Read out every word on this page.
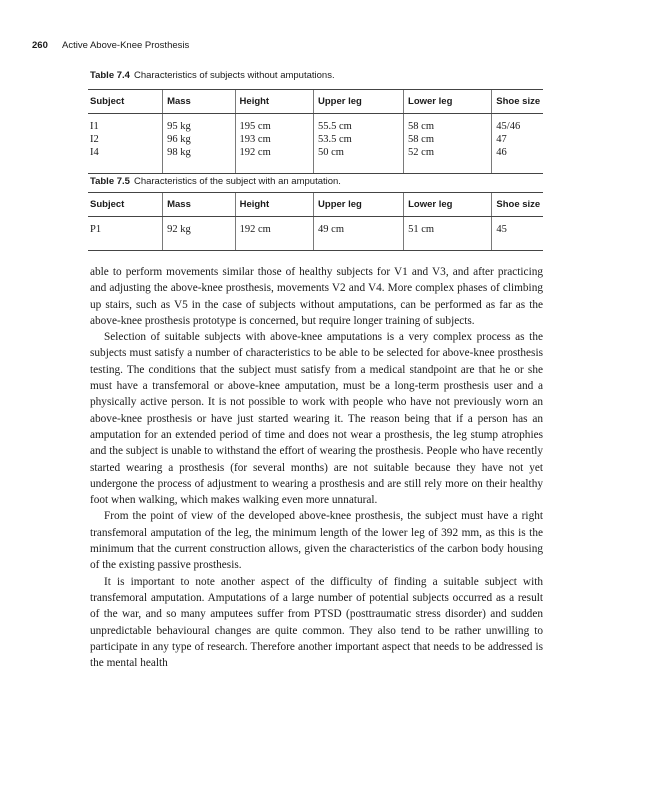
260 Active Above-Knee Prosthesis
Table 7.4 Characteristics of subjects without amputations.
Subject	Mass	Height	Upper leg	Lower leg	Shoe size
I1	95 kg	195 cm	55.5 cm	58 cm	45/46
I2	96 kg	193 cm	53.5 cm	58 cm	47
I4	98 kg	192 cm	50 cm	52 cm	46
Table 7.5 Characteristics of the subject with an amputation.
Subject	Mass	Height	Upper leg	Lower leg	Shoe size
P1	92 kg	192 cm	49 cm	51 cm	45

able to perform movements similar those of healthy subjects for V1 and V3, and after practicing and adjusting the above-knee prosthesis, movements V2 and V4. More complex phases of climbing up stairs, such as V5 in the case of subjects without amputations, can be performed as far as the above-knee prosthesis prototype is concerned, but require longer training of subjects.

Selection of suitable subjects with above-knee amputations is a very complex process as the subjects must satisfy a number of characteristics to be able to be selected for above-knee prosthesis testing. The conditions that the subject must satisfy from a medical standpoint are that he or she must have a transfemoral or above-knee amputation, must be a long-term prosthesis user and a physically active person. It is not possible to work with people who have not previously worn an above-knee prosthesis or have just started wearing it. The reason being that if a person has an amputation for an extended period of time and does not wear a prosthesis, the leg stump atrophies and the subject is unable to withstand the effort of wearing the prosthesis. People who have recently started wearing a prosthesis (for several months) are not suitable because they have not yet undergone the process of adjustment to wearing a prosthesis and are still rely more on their healthy foot when walking, which makes walking even more unnatural.

From the point of view of the developed above-knee prosthesis, the subject must have a right transfemoral amputation of the leg, the minimum length of the lower leg of 392 mm, as this is the minimum that the current construction allows, given the characteristics of the carbon body housing of the existing passive prosthesis.

It is important to note another aspect of the difficulty of finding a suitable subject with transfemoral amputation. Amputations of a large number of potential subjects occurred as a result of the war, and so many amputees suffer from PTSD (posttraumatic stress disorder) and sudden unpredictable behavioural changes are quite common. They also tend to be rather unwilling to participate in any type of research. Therefore another important aspect that needs to be addressed is the mental health
